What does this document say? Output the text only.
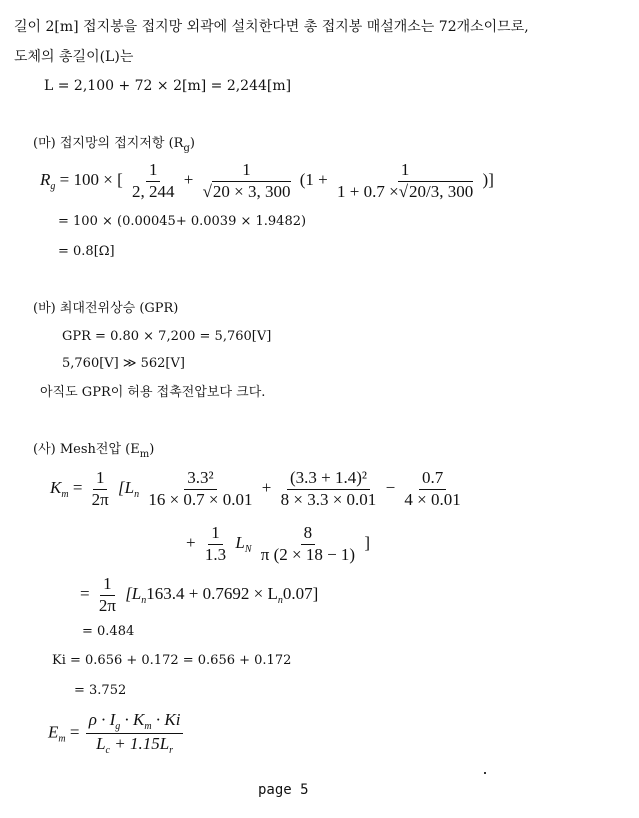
길이 2[m] 접지봉을 접지망 외곽에 설치한다면 총 접지봉 매설개소는 72개소이므로,
도체의 총길이(L)는
L = 2,100 + 72 × 2[m] = 2,244[m]
(마) 접지망의 접지저항 $(R_g)$
$R_g = 100$ × [ $\frac{1}{2, 244} + \frac{1}{√20 \times 3, 300} (1 + \frac{1}{1 + 0.7 \times√20/3, 300}$ )]
= 100 × (0.00045+ 0.0039 × 1.9482)
= 0.8[Ω]
(바) 최대전위상승 (GPR)
GPR = 0.80 × 7,200 = 5,760[V]
5,760[V] ≫ 562[V]
아직도 GPR이 허용 접촉전압보다 크다.
(사) Mesh전압 $(E_m)$
$K_m = \frac{1}{2\pi} [L_n \frac{\text{3.3²}}{16 \times 0.7 \times 0.01} + \frac{\text{(3.3 + 1.4)²}}{8 \times 3.3 \times 0.01} - \frac{0.7}{4 \times 0.01}$
+ $\frac{1}{1.3} L_N \frac{8}{\pi (2 \times 18 - 1)}$ ]
= $\frac{1}{2\pi} [L_n163.4 + 0.7692 \times L_n0.07]$
= 0.484
Ki = 0.656 + 0.172 = 0.656 + 0.172
= 3.752
$E_m = \frac{\rho \cdot I_g \cdot K_m \cdot Ki}{L_c + 1.15L_r}$
page 5
